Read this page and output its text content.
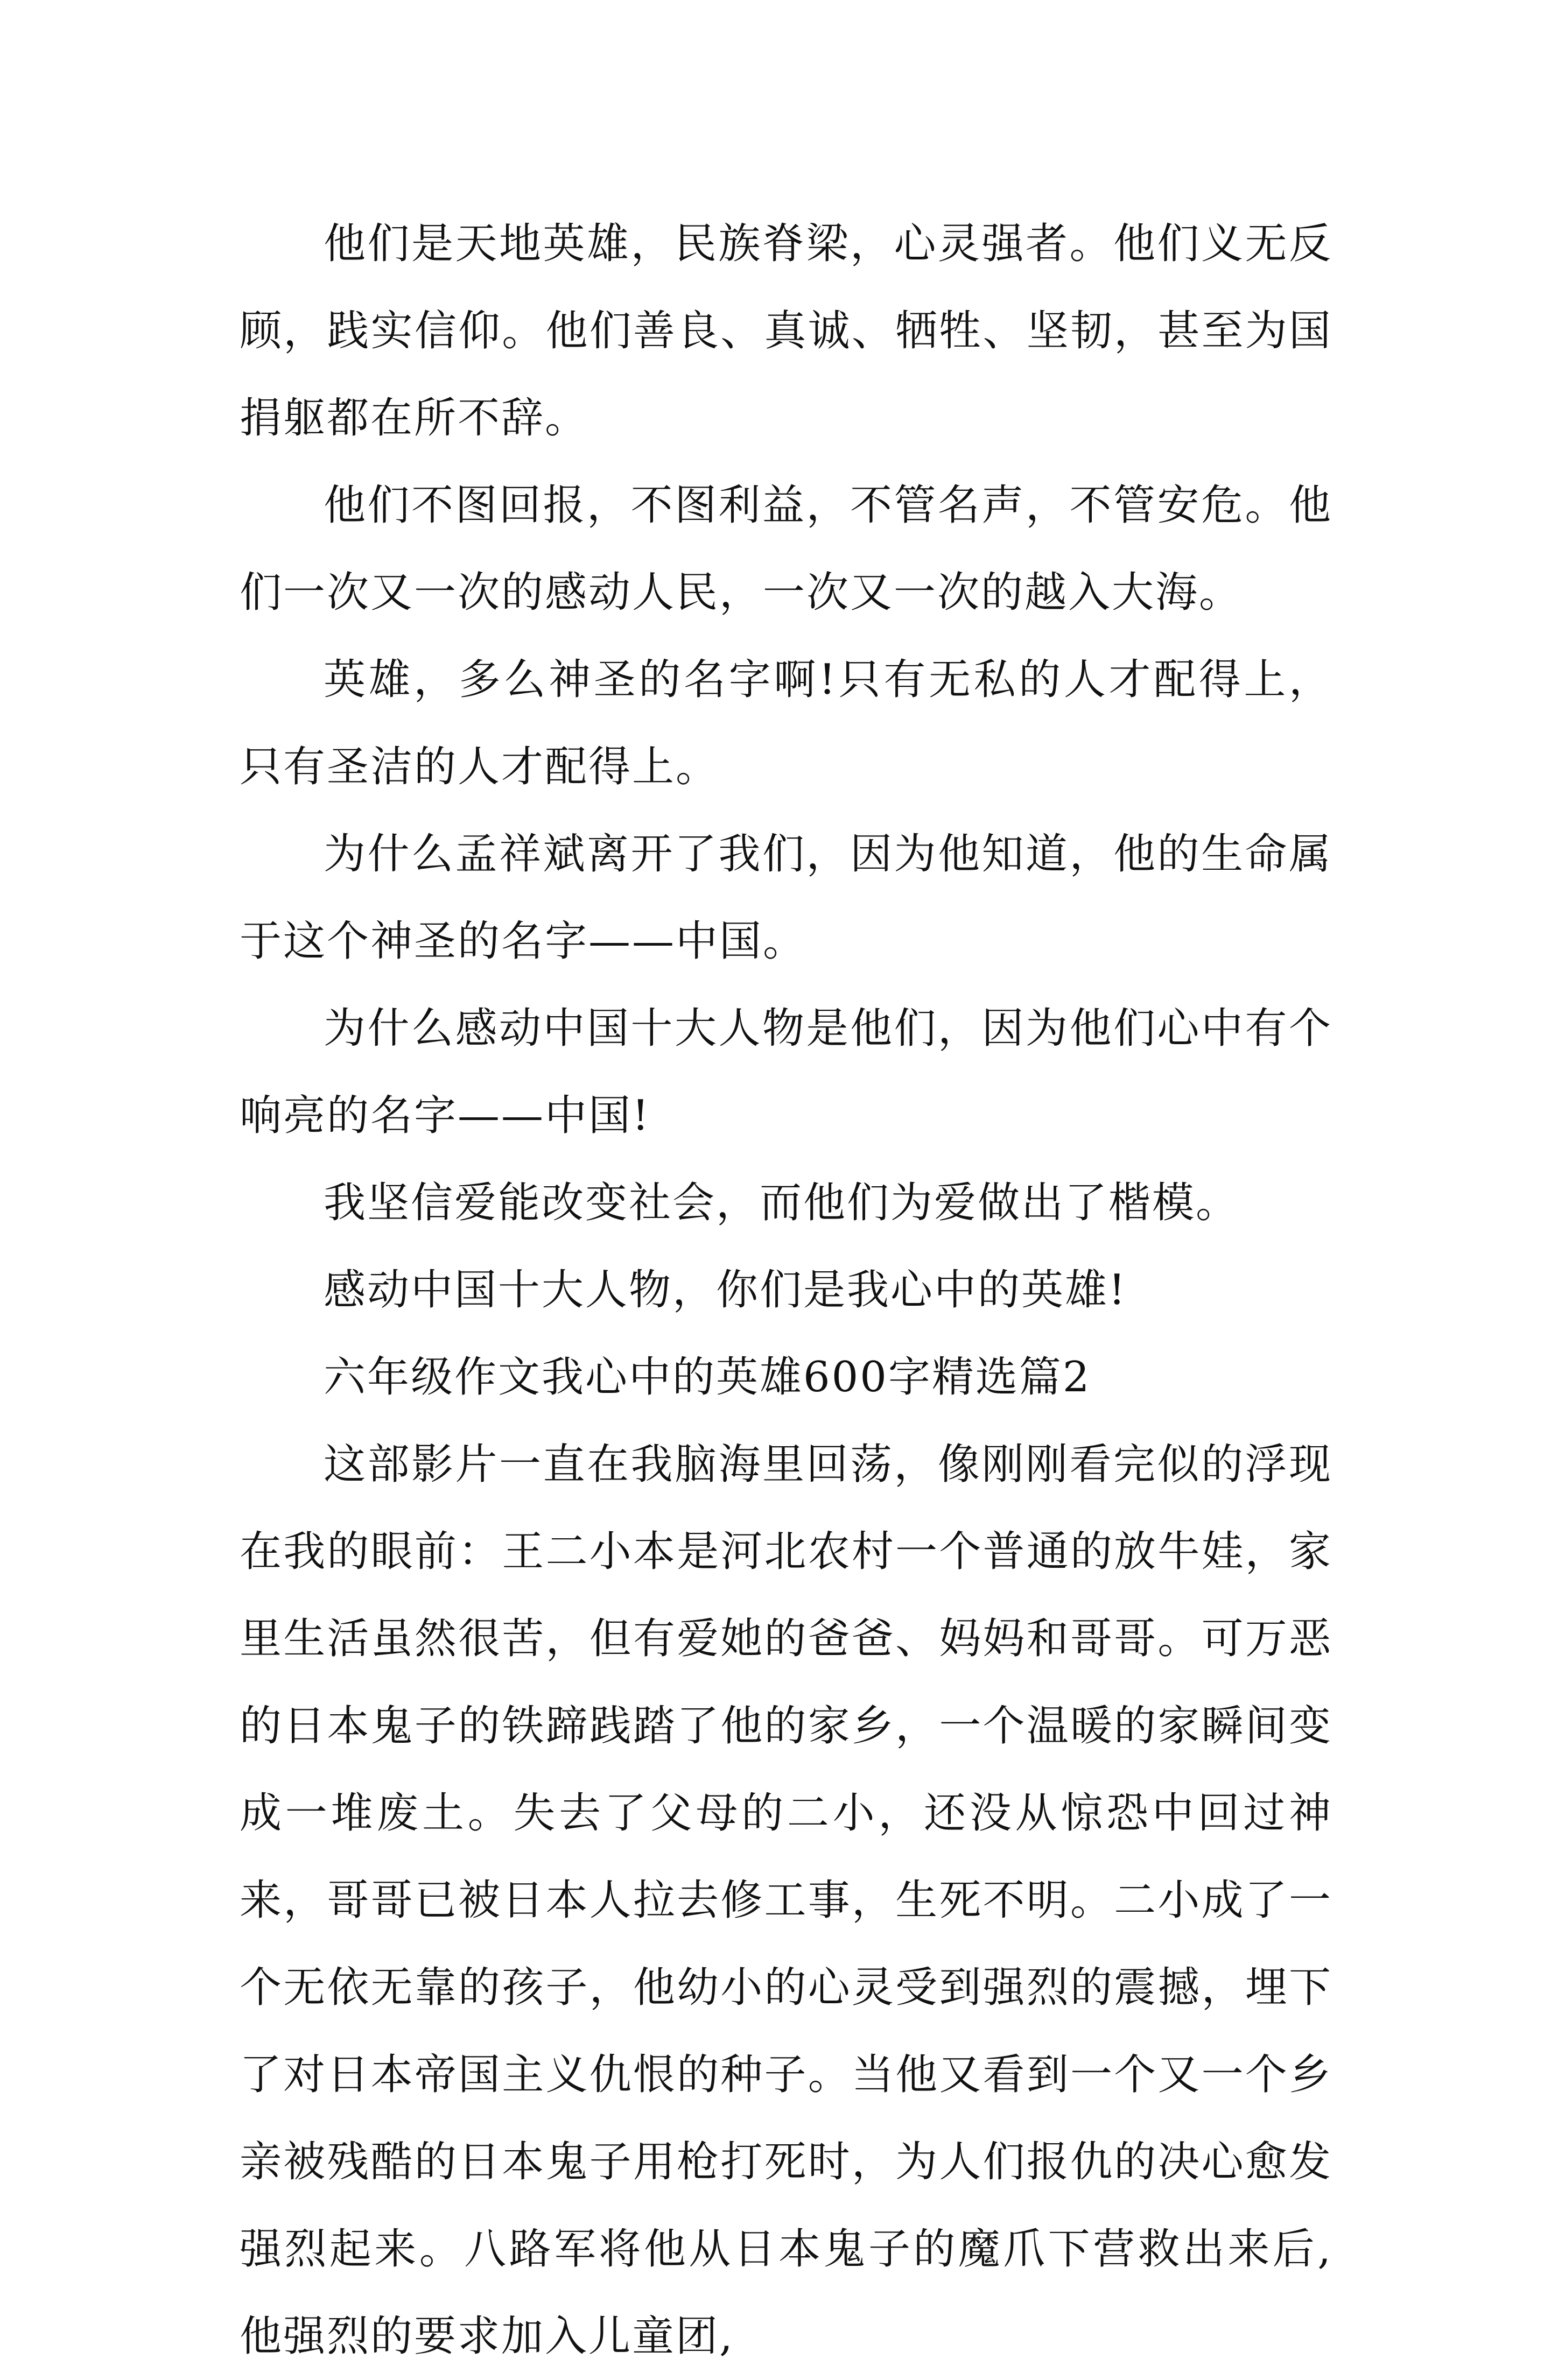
他们是天地英雄，民族脊梁，心灵强者。他们义无反顾，践实信仰。他们善良、真诚、牺牲、坚韧，甚至为国捐躯都在所不辞。

他们不图回报，不图利益，不管名声，不管安危。他们一次又一次的感动人民，一次又一次的越入大海。

英雄，多么神圣的名字啊!只有无私的人才配得上，只有圣洁的人才配得上。

为什么孟祥斌离开了我们，因为他知道，他的生命属于这个神圣的名字——中国。

为什么感动中国十大人物是他们，因为他们心中有个响亮的名字——中国!

我坚信爱能改变社会，而他们为爱做出了楷模。

感动中国十大人物，你们是我心中的英雄!

六年级作文我心中的英雄600字精选篇2

这部影片一直在我脑海里回荡，像刚刚看完似的浮现在我的眼前：王二小本是河北农村一个普通的放牛娃，家里生活虽然很苦，但有爱她的爸爸、妈妈和哥哥。可万恶的日本鬼子的铁蹄践踏了他的家乡，一个温暖的家瞬间变成一堆废土。失去了父母的二小，还没从惊恐中回过神来，哥哥已被日本人拉去修工事，生死不明。二小成了一个无依无靠的孩子，他幼小的心灵受到强烈的震撼，埋下了对日本帝国主义仇恨的种子。当他又看到一个又一个乡亲被残酷的日本鬼子用枪打死时，为人们报仇的决心愈发强烈起来。八路军将他从日本鬼子的魔爪下营救出来后,他强烈的要求加入儿童团,
